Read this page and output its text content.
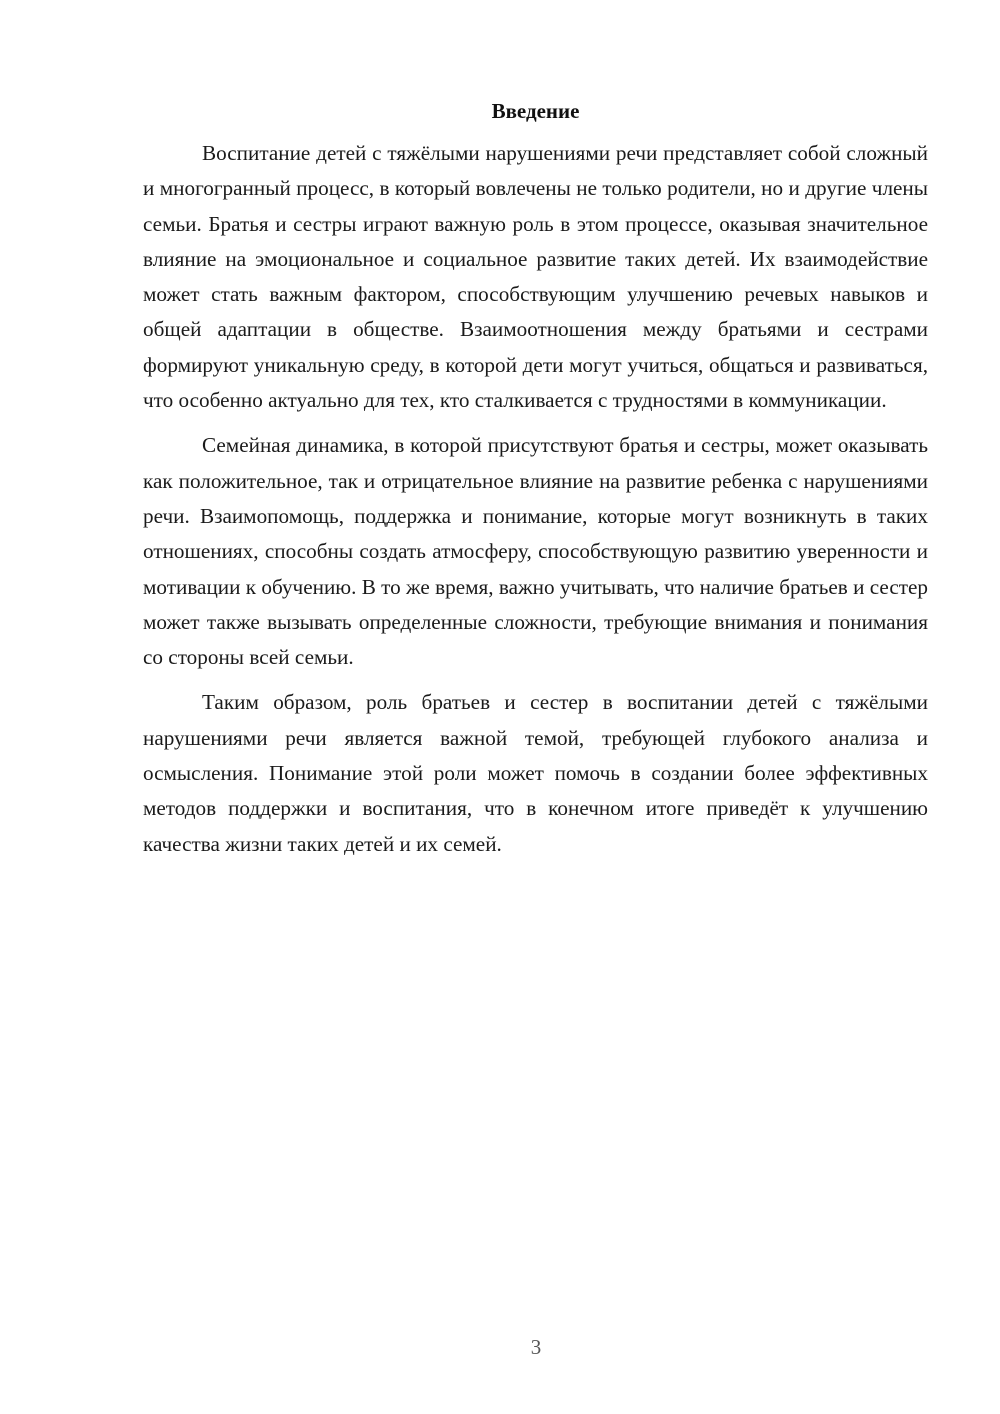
Введение

Воспитание детей с тяжёлыми нарушениями речи представляет собой сложный и многогранный процесс, в который вовлечены не только родители, но и другие члены семьи. Братья и сестры играют важную роль в этом процессе, оказывая значительное влияние на эмоциональное и социальное развитие таких детей. Их взаимодействие может стать важным фактором, способствующим улучшению речевых навыков и общей адаптации в обществе. Взаимоотношения между братьями и сестрами формируют уникальную среду, в которой дети могут учиться, общаться и развиваться, что особенно актуально для тех, кто сталкивается с трудностями в коммуникации.

Семейная динамика, в которой присутствуют братья и сестры, может оказывать как положительное, так и отрицательное влияние на развитие ребенка с нарушениями речи. Взаимопомощь, поддержка и понимание, которые могут возникнуть в таких отношениях, способны создать атмосферу, способствующую развитию уверенности и мотивации к обучению. В то же время, важно учитывать, что наличие братьев и сестер может также вызывать определенные сложности, требующие внимания и понимания со стороны всей семьи.

Таким образом, роль братьев и сестер в воспитании детей с тяжёлыми нарушениями речи является важной темой, требующей глубокого анализа и осмысления. Понимание этой роли может помочь в создании более эффективных методов поддержки и воспитания, что в конечном итоге приведёт к улучшению качества жизни таких детей и их семей.

3
